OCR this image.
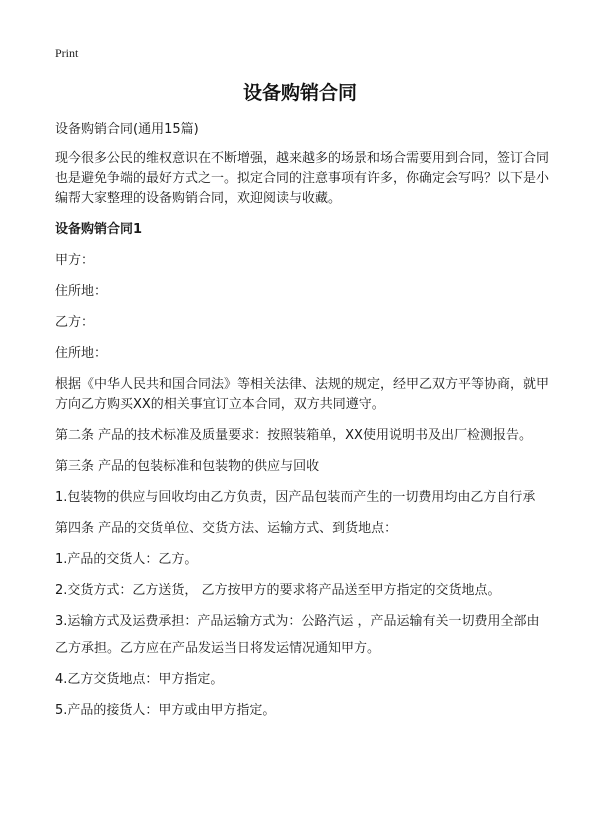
Print
设备购销合同

设备购销合同(通用15篇)

现今很多公民的维权意识在不断增强，越来越多的场景和场合需要用到合同，签订合同也是避免争端的最好方式之一。拟定合同的注意事项有许多，你确定会写吗？以下是小编帮大家整理的设备购销合同，欢迎阅读与收藏。

设备购销合同1

甲方：

住所地：

乙方：

住所地：

根据《中华人民共和国合同法》等相关法律、法规的规定，经甲乙双方平等协商，就甲方向乙方购买XX的相关事宜订立本合同，双方共同遵守。

第二条 产品的技术标准及质量要求：按照装箱单，XX使用说明书及出厂检测报告。

第三条 产品的包装标准和包装物的供应与回收

1.包装物的供应与回收均由乙方负责，因产品包装而产生的一切费用均由乙方自行承

第四条 产品的交货单位、交货方法、运输方式、到货地点：

1.产品的交货人：乙方。

2.交货方式：乙方送货， 乙方按甲方的要求将产品送至甲方指定的交货地点。

3.运输方式及运费承担：产品运输方式为：公路汽运 ，产品运输有关一切费用全部由

乙方承担。乙方应在产品发运当日将发运情况通知甲方。

4.乙方交货地点：甲方指定。

5.产品的接货人：甲方或由甲方指定。
